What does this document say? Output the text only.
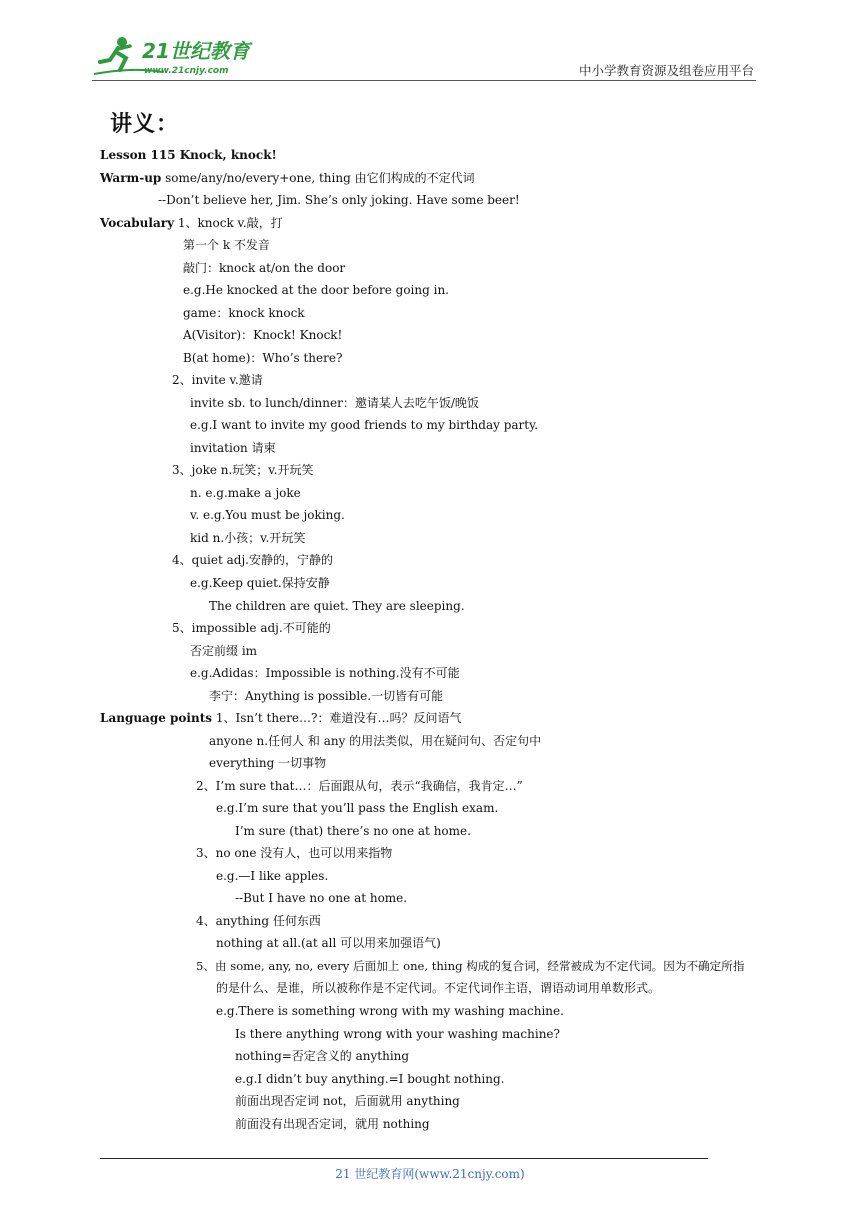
21世纪教育
www.21cnjy.com	中小学教育资源及组卷应用平台
讲义：
Lesson 115 Knock, knock!
Warm-up some/any/no/every+one, thing 由它们构成的不定代词
--Don’t believe her, Jim. She’s only joking. Have some beer!
Vocabulary 1、knock v.敲，打
第一个 k 不发音
敲门：knock at/on the door
e.g.He knocked at the door before going in.
game：knock knock
A(Visitor)：Knock! Knock!
B(at home)：Who’s there?
2、invite v.邀请
invite sb. to lunch/dinner：邀请某人去吃午饭/晚饭
e.g.I want to invite my good friends to my birthday party.
invitation 请柬
3、joke n.玩笑；v.开玩笑
n. e.g.make a joke
v. e.g.You must be joking.
kid n.小孩；v.开玩笑
4、quiet adj.安静的，宁静的
e.g.Keep quiet.保持安静
The children are quiet. They are sleeping.
5、impossible adj.不可能的
否定前缀 im
e.g.Adidas：Impossible is nothing.没有不可能
李宁：Anything is possible.一切皆有可能
Language points 1、Isn’t there…?：难道没有…吗？反问语气
anyone n.任何人 和 any 的用法类似，用在疑问句、否定句中
everything 一切事物
2、I’m sure that…：后面跟从句，表示“我确信，我肯定…”
e.g.I’m sure that you’ll pass the English exam.
I’m sure (that) there’s no one at home.
3、no one 没有人，也可以用来指物
e.g.—I like apples.
--But I have no one at home.
4、anything 任何东西
nothing at all.(at all 可以用来加强语气)
5、由 some, any, no, every 后面加上 one, thing 构成的复合词，经常被成为不定代词。因为不确定所指
的是什么、是谁，所以被称作是不定代词。不定代词作主语，谓语动词用单数形式。
e.g.There is something wrong with my washing machine.
Is there anything wrong with your washing machine?
nothing=否定含义的 anything
e.g.I didn’t buy anything.=I bought nothing.
前面出现否定词 not，后面就用 anything
前面没有出现否定词，就用 nothing
21 世纪教育网(www.21cnjy.com)
